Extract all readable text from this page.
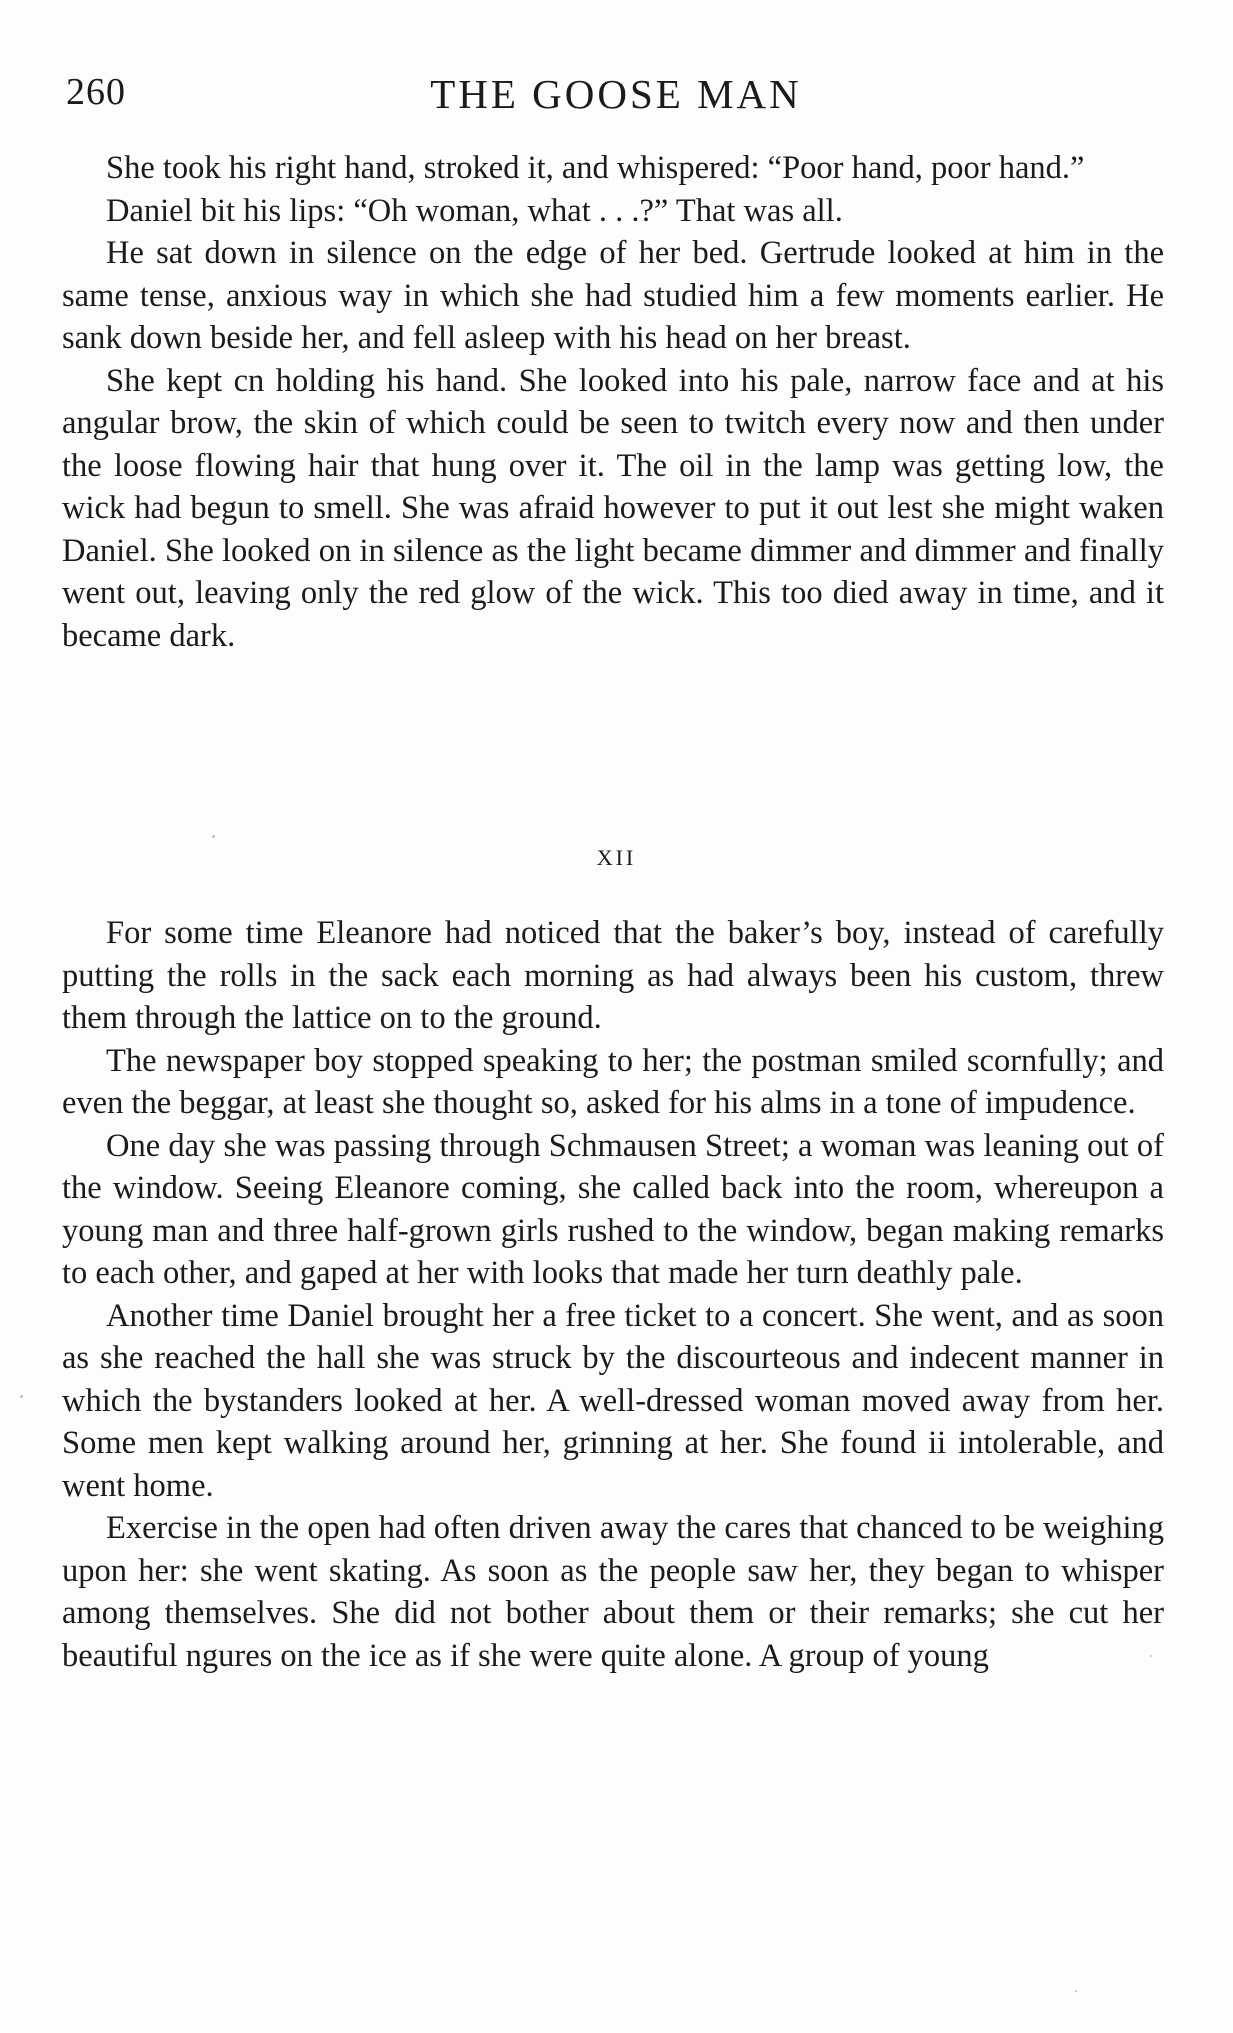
260	THE GOOSE MAN

She took his right hand, stroked it, and whispered: “Poor hand, poor hand.”

Daniel bit his lips: “Oh woman, what . . .?” That was all.

He sat down in silence on the edge of her bed. Gertrude looked at him in the same tense, anxious way in which she had studied him a few moments earlier. He sank down beside her, and fell asleep with his head on her breast.

She kept cn holding his hand. She looked into his pale, narrow face and at his angular brow, the skin of which could be seen to twitch every now and then under the loose flowing hair that hung over it. The oil in the lamp was getting low, the wick had begun to smell. She was afraid however to put it out lest she might waken Daniel. She looked on in silence as the light became dimmer and dimmer and finally went out, leaving only the red glow of the wick. This too died away in time, and it became dark.

XII

For some time Eleanore had noticed that the baker’s boy, instead of carefully putting the rolls in the sack each morning as had always been his custom, threw them through the lattice on to the ground.

The newspaper boy stopped speaking to her; the postman smiled scornfully; and even the beggar, at least she thought so, asked for his alms in a tone of impudence.

One day she was passing through Schmausen Street; a woman was leaning out of the window. Seeing Eleanore coming, she called back into the room, whereupon a young man and three half-grown girls rushed to the window, began making remarks to each other, and gaped at her with looks that made her turn deathly pale.

Another time Daniel brought her a free ticket to a concert. She went, and as soon as she reached the hall she was struck by the discourteous and indecent manner in which the bystanders looked at her. A well-dressed woman moved away from her. Some men kept walking around her, grinning at her. She found ii intolerable, and went home.

Exercise in the open had often driven away the cares that chanced to be weighing upon her: she went skating. As soon as the people saw her, they began to whisper among themselves. She did not bother about them or their remarks; she cut her beautiful ngures on the ice as if she were quite alone. A group of young
